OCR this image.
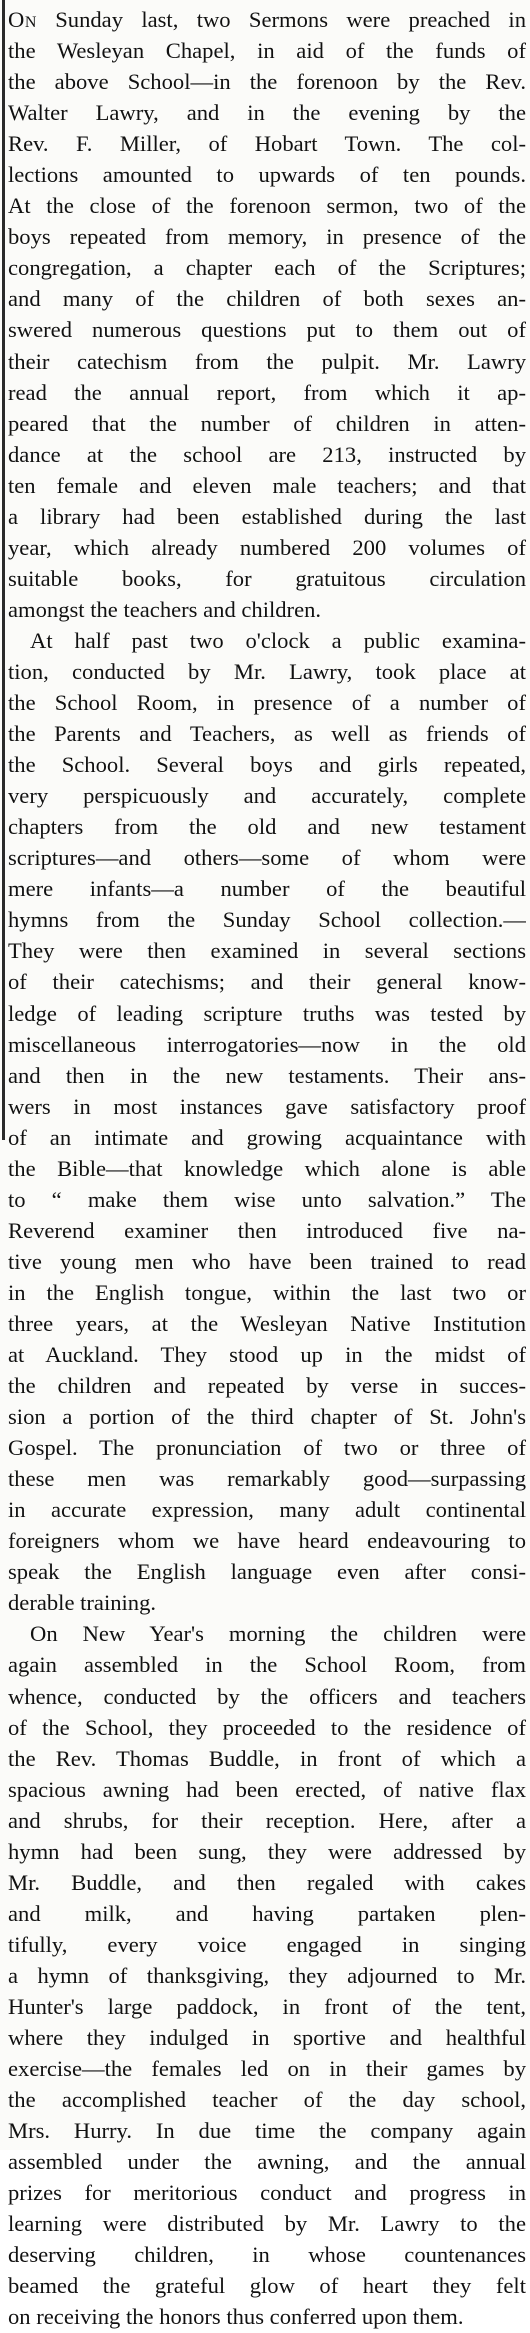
On Sunday last, two Sermons were preached in
the Wesleyan Chapel, in aid of the funds of
the above School—in the forenoon by the Rev.
Walter Lawry, and in the evening by the
Rev. F. Miller, of Hobart Town. The col-
lections amounted to upwards of ten pounds.
At the close of the forenoon sermon, two of the
boys repeated from memory, in presence of the
congregation, a chapter each of the Scriptures;
and many of the children of both sexes an-
swered numerous questions put to them out of
their catechism from the pulpit. Mr. Lawry
read the annual report, from which it ap-
peared that the number of children in atten-
dance at the school are 213, instructed by
ten female and eleven male teachers; and that
a library had been established during the last
year, which already numbered 200 volumes of
suitable books, for gratuitous circulation
amongst the teachers and children.
At half past two o'clock a public examina-
tion, conducted by Mr. Lawry, took place at
the School Room, in presence of a number of
the Parents and Teachers, as well as friends of
the School. Several boys and girls repeated,
very perspicuously and accurately, complete
chapters from the old and new testament
scriptures—and others—some of whom were
mere infants—a number of the beautiful
hymns from the Sunday School collection.—
They were then examined in several sections
of their catechisms; and their general know-
ledge of leading scripture truths was tested by
miscellaneous interrogatories—now in the old
and then in the new testaments. Their ans-
wers in most instances gave satisfactory proof
of an intimate and growing acquaintance with
the Bible—that knowledge which alone is able
to “ make them wise unto salvation.” The
Reverend examiner then introduced five na-
tive young men who have been trained to read
in the English tongue, within the last two or
three years, at the Wesleyan Native Institution
at Auckland. They stood up in the midst of
the children and repeated by verse in succes-
sion a portion of the third chapter of St. John's
Gospel. The pronunciation of two or three of
these men was remarkably good—surpassing
in accurate expression, many adult continental
foreigners whom we have heard endeavouring to
speak the English language even after consi-
derable training.
On New Year's morning the children were
again assembled in the School Room, from
whence, conducted by the officers and teachers
of the School, they proceeded to the residence of
the Rev. Thomas Buddle, in front of which a
spacious awning had been erected, of native flax
and shrubs, for their reception. Here, after a
hymn had been sung, they were addressed by
Mr. Buddle, and then regaled with cakes
and milk, and having partaken plen-
tifully, every voice engaged in singing
a hymn of thanksgiving, they adjourned to Mr.
Hunter's large paddock, in front of the tent,
where they indulged in sportive and healthful
exercise—the females led on in their games by
the accomplished teacher of the day school,
Mrs. Hurry. In due time the company again
assembled under the awning, and the annual
prizes for meritorious conduct and progress in
learning were distributed by Mr. Lawry to the
deserving children, in whose countenances
beamed the grateful glow of heart they felt
on receiving the honors thus conferred upon them.
